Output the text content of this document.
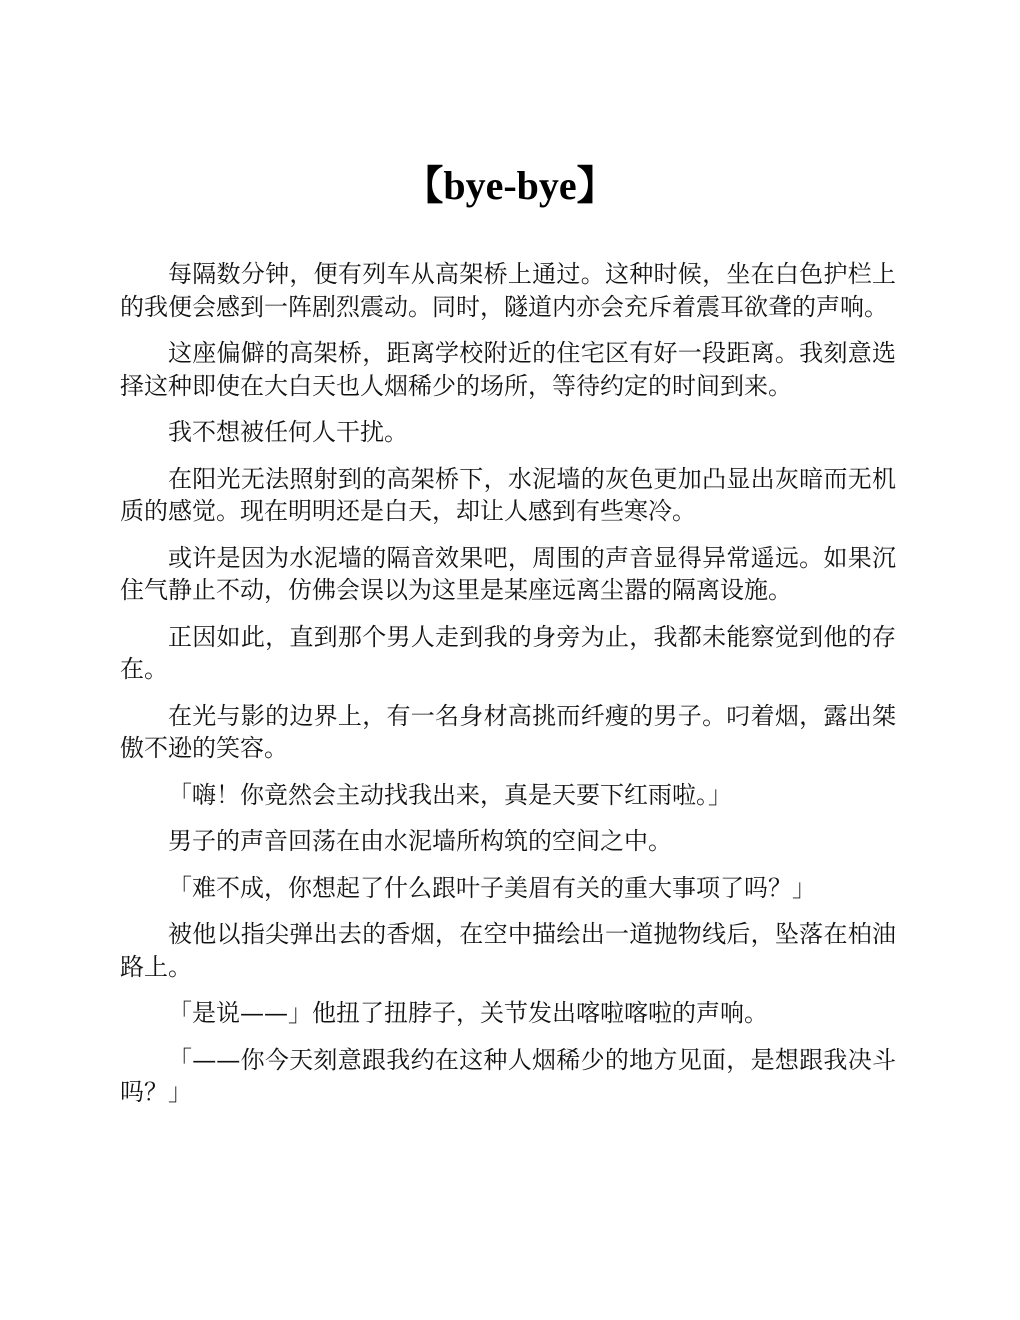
【bye-bye】

每隔数分钟，便有列车从高架桥上通过。这种时候，坐在白色护栏上的我便会感到一阵剧烈震动。同时，隧道内亦会充斥着震耳欲聋的声响。

这座偏僻的高架桥，距离学校附近的住宅区有好一段距离。我刻意选择这种即使在大白天也人烟稀少的场所，等待约定的时间到来。

我不想被任何人干扰。

在阳光无法照射到的高架桥下，水泥墙的灰色更加凸显出灰暗而无机质的感觉。现在明明还是白天，却让人感到有些寒冷。

或许是因为水泥墙的隔音效果吧，周围的声音显得异常遥远。如果沉住气静止不动，仿佛会误以为这里是某座远离尘嚣的隔离设施。

正因如此，直到那个男人走到我的身旁为止，我都未能察觉到他的存在。

在光与影的边界上，有一名身材高挑而纤瘦的男子。叼着烟，露出桀傲不逊的笑容。

「嗨！你竟然会主动找我出来，真是天要下红雨啦。」

男子的声音回荡在由水泥墙所构筑的空间之中。

「难不成，你想起了什么跟叶子美眉有关的重大事项了吗？」

被他以指尖弹出去的香烟，在空中描绘出一道抛物线后，坠落在柏油路上。

「是说——」他扭了扭脖子，关节发出喀啦喀啦的声响。

「——你今天刻意跟我约在这种人烟稀少的地方见面，是想跟我决斗吗？」
